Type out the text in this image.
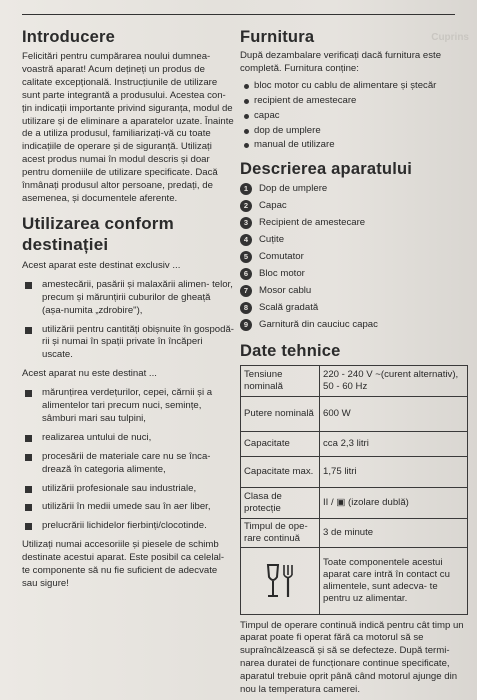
Cuprins
Introducere

Felicitări pentru cumpărarea noului dumnea- voastră aparat! Acum dețineți un produs de calitate excepțională. Instrucțiunile de utilizare sunt parte integrantă a produsului. Acestea con- țin indicații importante privind siguranța, modul de utilizare și de eliminare a aparatelor uzate. Înainte de a utiliza produsul, familiarizați-vă cu toate indicațiile de operare și de siguranță. Utilizați acest produs numai în modul descris și doar pentru domeniile de utilizare specificate. Dacă înmânați produsul altor persoane, predați, de asemenea, și documentele aferente.

Utilizarea conform destinației

Acest aparat este destinat exclusiv ...

amestecării, pasării și malaxării alimen- telor, precum și mărunțirii cuburilor de gheață (așa-numita „zdrobire"),
utilizării pentru cantități obișnuite în gospodă- rii și numai în spații private în încăperi uscate.

Acest aparat nu este destinat ...

mărunțirea verdețurilor, cepei, cărnii și a alimentelor tari precum nuci, semințe, sâmburi mari sau tulpini,
realizarea untului de nuci,
procesării de materiale care nu se înca- drează în categoria alimente,
utilizării profesionale sau industriale,
utilizării în medii umede sau în aer liber,
prelucrării lichidelor fierbinți/clocotinde.

Utilizați numai accesoriile și piesele de schimb destinate acestui aparat. Este posibil ca celelal- te componente să nu fie suficient de adecvate sau sigure!

Furnitura

După dezambalare verificați dacă furnitura este completă. Furnitura conține:

bloc motor cu cablu de alimentare și ștecăr
recipient de amestecare
capac
dop de umplere
manual de utilizare
Descrierea aparatului
1	Dop de umplere
2	Capac
3	Recipient de amestecare
4	Cuțite
5	Comutator
6	Bloc motor
7	Mosor cablu
8	Scală gradată
9	Garnitură din cauciuc capac
Date tehnice
Tensiune nominală	220 - 240 V ~(curent alternativ), 50 - 60 Hz
Putere nominală	600 W
Capacitate	cca 2,3 litri
Capacitate max.	1,75 litri
Clasa de protecție	II / ▣ (izolare dublă)
Timpul de ope- rare continuă	3 de minute

	Toate componentele acestui aparat care intră în contact cu alimentele, sunt adecva- te pentru uz alimentar.

Timpul de operare continuă indică pentru cât timp un aparat poate fi operat fără ca motorul să se supraîncălzească și să se defecteze. După termi- narea duratei de funcționare continue specificate, aparatul trebuie oprit până când motorul ajunge din nou la temperatura camerei.
